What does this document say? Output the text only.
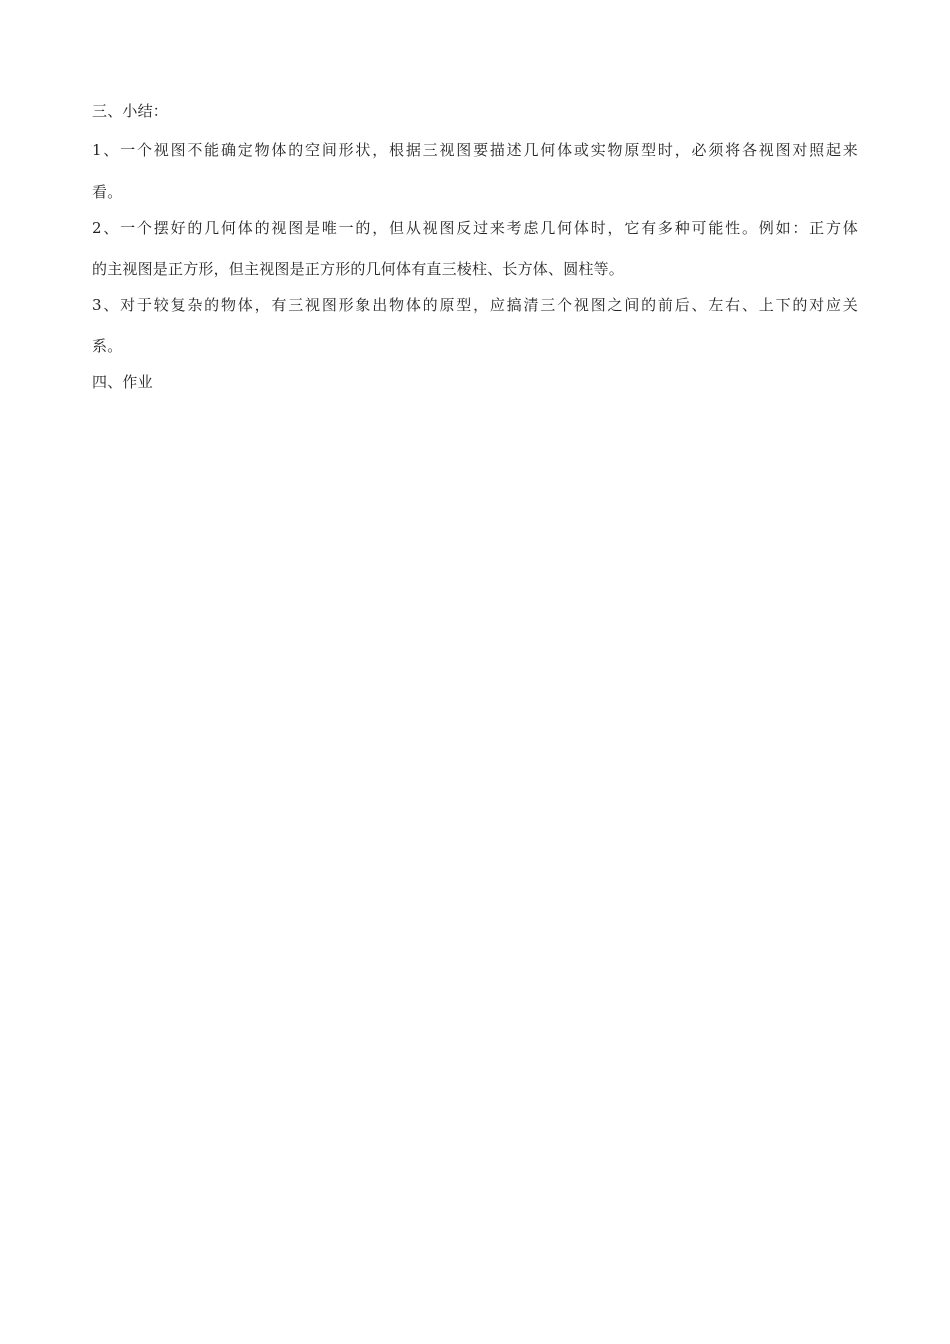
三、小结：
1、一个视图不能确定物体的空间形状，根据三视图要描述几何体或实物原型时，必须将各视图对照起来
看。
2、一个摆好的几何体的视图是唯一的，但从视图反过来考虑几何体时，它有多种可能性。例如：正方体
的主视图是正方形，但主视图是正方形的几何体有直三棱柱、长方体、圆柱等。
3、对于较复杂的物体，有三视图形象出物体的原型，应搞清三个视图之间的前后、左右、上下的对应关
系。
四、作业
